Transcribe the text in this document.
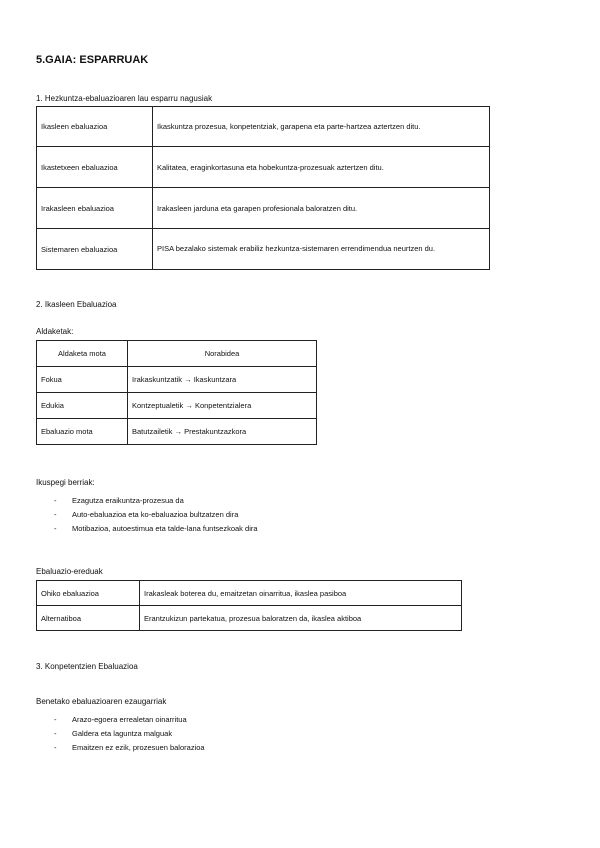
5.GAIA: ESPARRUAK
1. Hezkuntza-ebaluazioaren lau esparru nagusiak
Ikasleen ebaluazioa	Ikaskuntza prozesua, konpetentziak, garapena eta parte-hartzea aztertzen ditu.
Ikastetxeen ebaluazioa	Kalitatea, eraginkortasuna eta hobekuntza-prozesuak aztertzen ditu.
Irakasleen ebaluazioa	Irakasleen jarduna eta garapen profesionala baloratzen ditu.
Sistemaren ebaluazioa	PISA bezalako sistemak erabiliz hezkuntza-sistemaren errendimendua neurtzen du.
2. Ikasleen Ebaluazioa
Aldaketak:
Aldaketa mota	Norabidea
Fokua	Irakaskuntzatik → Ikaskuntzara
Edukia	Kontzeptualetik → Konpetentzialera
Ebaluazio mota	Batutzailetik → Prestakuntzazkora
Ikuspegi berriak:
- Ezagutza eraikuntza-prozesua da
- Auto-ebaluazioa eta ko-ebaluazioa bultzatzen dira
- Motibazioa, autoestimua eta talde-lana funtsezkoak dira
Ebaluazio-ereduak
Ohiko ebaluazioa	Irakasleak boterea du, emaitzetan oinarritua, ikaslea pasiboa
Alternatiboa	Erantzukizun partekatua, prozesua baloratzen da, ikaslea aktiboa
3. Konpetentzien Ebaluazioa
Benetako ebaluazioaren ezaugarriak
- Arazo-egoera errealetan oinarritua
- Galdera eta laguntza malguak
- Emaitzen ez ezik, prozesuen balorazioa
